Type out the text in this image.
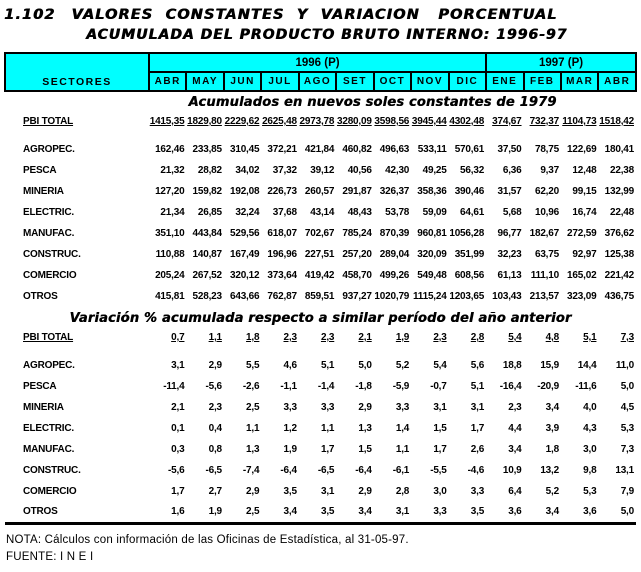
1.102 VALORES  CONSTANTES  Y  VARIACION   PORCENTUAL
ACUMULADA DEL PRODUCTO BRUTO INTERNO: 1996-97
SECTORES	1996 (P)									1997 (P)			
	ABR	MAY	JUN	JUL	AGO	SET	OCT	NOV	DIC	ENE	FEB	MAR	ABR
Acumulados en nuevos soles constantes de 1979													
PBI TOTAL	1415,35	1829,80	2229,62	2625,48	2973,78	3280,09	3598,56	3945,44	4302,48	374,67	732,37	1104,73	1518,42
AGROPEC.	162,46	233,85	310,45	372,21	421,84	460,82	496,63	533,11	570,61	37,50	78,75	122,69	180,41
PESCA	21,32	28,82	34,02	37,32	39,12	40,56	42,30	49,25	56,32	6,36	9,37	12,48	22,38
MINERIA	127,20	159,82	192,08	226,73	260,57	291,87	326,37	358,36	390,46	31,57	62,20	99,15	132,99
ELECTRIC.	21,34	26,85	32,24	37,68	43,14	48,43	53,78	59,09	64,61	5,68	10,96	16,74	22,48
MANUFAC.	351,10	443,84	529,56	618,07	702,67	785,24	870,39	960,81	1056,28	96,77	182,67	272,59	376,62
CONSTRUC.	110,88	140,87	167,49	196,96	227,51	257,20	289,04	320,09	351,99	32,23	63,75	92,97	125,38
COMERCIO	205,24	267,52	320,12	373,64	419,42	458,70	499,26	549,48	608,56	61,13	111,10	165,02	221,42
OTROS	415,81	528,23	643,66	762,87	859,51	937,27	1020,79	1115,24	1203,65	103,43	213,57	323,09	436,75
Variación % acumulada respecto a similar período del año anterior													
PBI TOTAL	0,7	1,1	1,8	2,3	2,3	2,1	1,9	2,3	2,8	5,4	4,8	5,1	7,3
AGROPEC.	3,1	2,9	5,5	4,6	5,1	5,0	5,2	5,4	5,6	18,8	15,9	14,4	11,0
PESCA	-11,4	-5,6	-2,6	-1,1	-1,4	-1,8	-5,9	-0,7	5,1	-16,4	-20,9	-11,6	5,0
MINERIA	2,1	2,3	2,5	3,3	3,3	2,9	3,3	3,1	3,1	2,3	3,4	4,0	4,5
ELECTRIC.	0,1	0,4	1,1	1,2	1,1	1,3	1,4	1,5	1,7	4,4	3,9	4,3	5,3
MANUFAC.	0,3	0,8	1,3	1,9	1,7	1,5	1,1	1,7	2,6	3,4	1,8	3,0	7,3
CONSTRUC.	-5,6	-6,5	-7,4	-6,4	-6,5	-6,4	-6,1	-5,5	-4,6	10,9	13,2	9,8	13,1
COMERCIO	1,7	2,7	2,9	3,5	3,1	2,9	2,8	3,0	3,3	6,4	5,2	5,3	7,9
OTROS	1,6	1,9	2,5	3,4	3,5	3,4	3,1	3,3	3,5	3,6	3,4	3,6	5,0
NOTA: Cálculos con información de las Oficinas de Estadística, al 31-05-97.
FUENTE: I N E I
